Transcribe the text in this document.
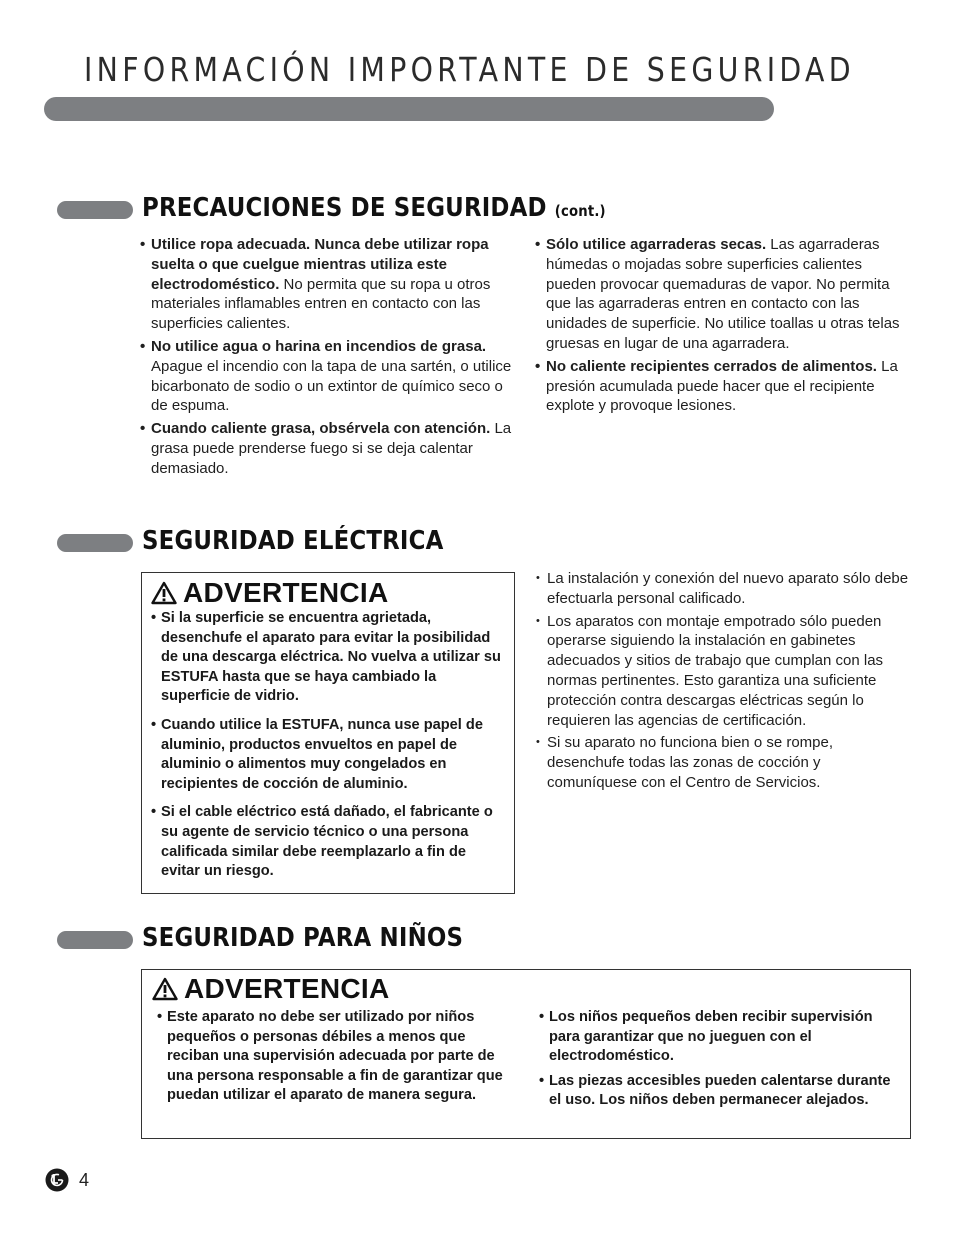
INFORMACIÓN IMPORTANTE DE SEGURIDAD
PRECAUCIONES DE SEGURIDAD (cont.)
• Utilice ropa adecuada. Nunca debe utilizar ropa suelta o que cuelgue mientras utiliza este electrodoméstico. No permita que su ropa u otros materiales inflamables entren en contacto con las superficies calientes.
• No utilice agua o harina en incendios de grasa. Apague el incendio con la tapa de una sartén, o utilice bicarbonato de sodio o un extintor de químico seco o de espuma.
• Cuando caliente grasa, obsérvela con atención. La grasa puede prenderse fuego si se deja calentar demasiado.
• Sólo utilice agarraderas secas. Las agarraderas húmedas o mojadas sobre superficies calientes pueden provocar quemaduras de vapor. No permita que las agarraderas entren en contacto con las unidades de superficie. No utilice toallas u otras telas gruesas en lugar de una agarradera.
• No caliente recipientes cerrados de alimentos. La presión acumulada puede hacer que el recipiente explote y provoque lesiones.
SEGURIDAD ELÉCTRICA
ADVERTENCIA
• Si la superficie se encuentra agrietada, desenchufe el aparato para evitar la posibilidad de una descarga eléctrica. No vuelva a utilizar su ESTUFA hasta que se haya cambiado la superficie de vidrio.
• Cuando utilice la ESTUFA, nunca use papel de aluminio, productos envueltos en papel de aluminio o alimentos muy congelados en recipientes de cocción de aluminio.
• Si el cable eléctrico está dañado, el fabricante o su agente de servicio técnico o una persona calificada similar debe reemplazarlo a fin de evitar un riesgo.
• La instalación y conexión del nuevo aparato sólo debe efectuarla personal calificado.
• Los aparatos con montaje empotrado sólo pueden operarse siguiendo la instalación en gabinetes adecuados y sitios de trabajo que cumplan con las normas pertinentes. Esto garantiza una suficiente protección contra descargas eléctricas según lo requieren las agencias de certificación.
• Si su aparato no funciona bien o se rompe, desenchufe todas las zonas de cocción y comuníquese con el Centro de Servicios.
SEGURIDAD PARA NIÑOS
ADVERTENCIA
• Este aparato no debe ser utilizado por niños pequeños o personas débiles a menos que reciban una supervisión adecuada por parte de una persona responsable a fin de garantizar que puedan utilizar el aparato de manera segura.
• Los niños pequeños deben recibir supervisión para garantizar que no jueguen con el electrodoméstico.
• Las piezas accesibles pueden calentarse durante el uso. Los niños deben permanecer alejados.
4
